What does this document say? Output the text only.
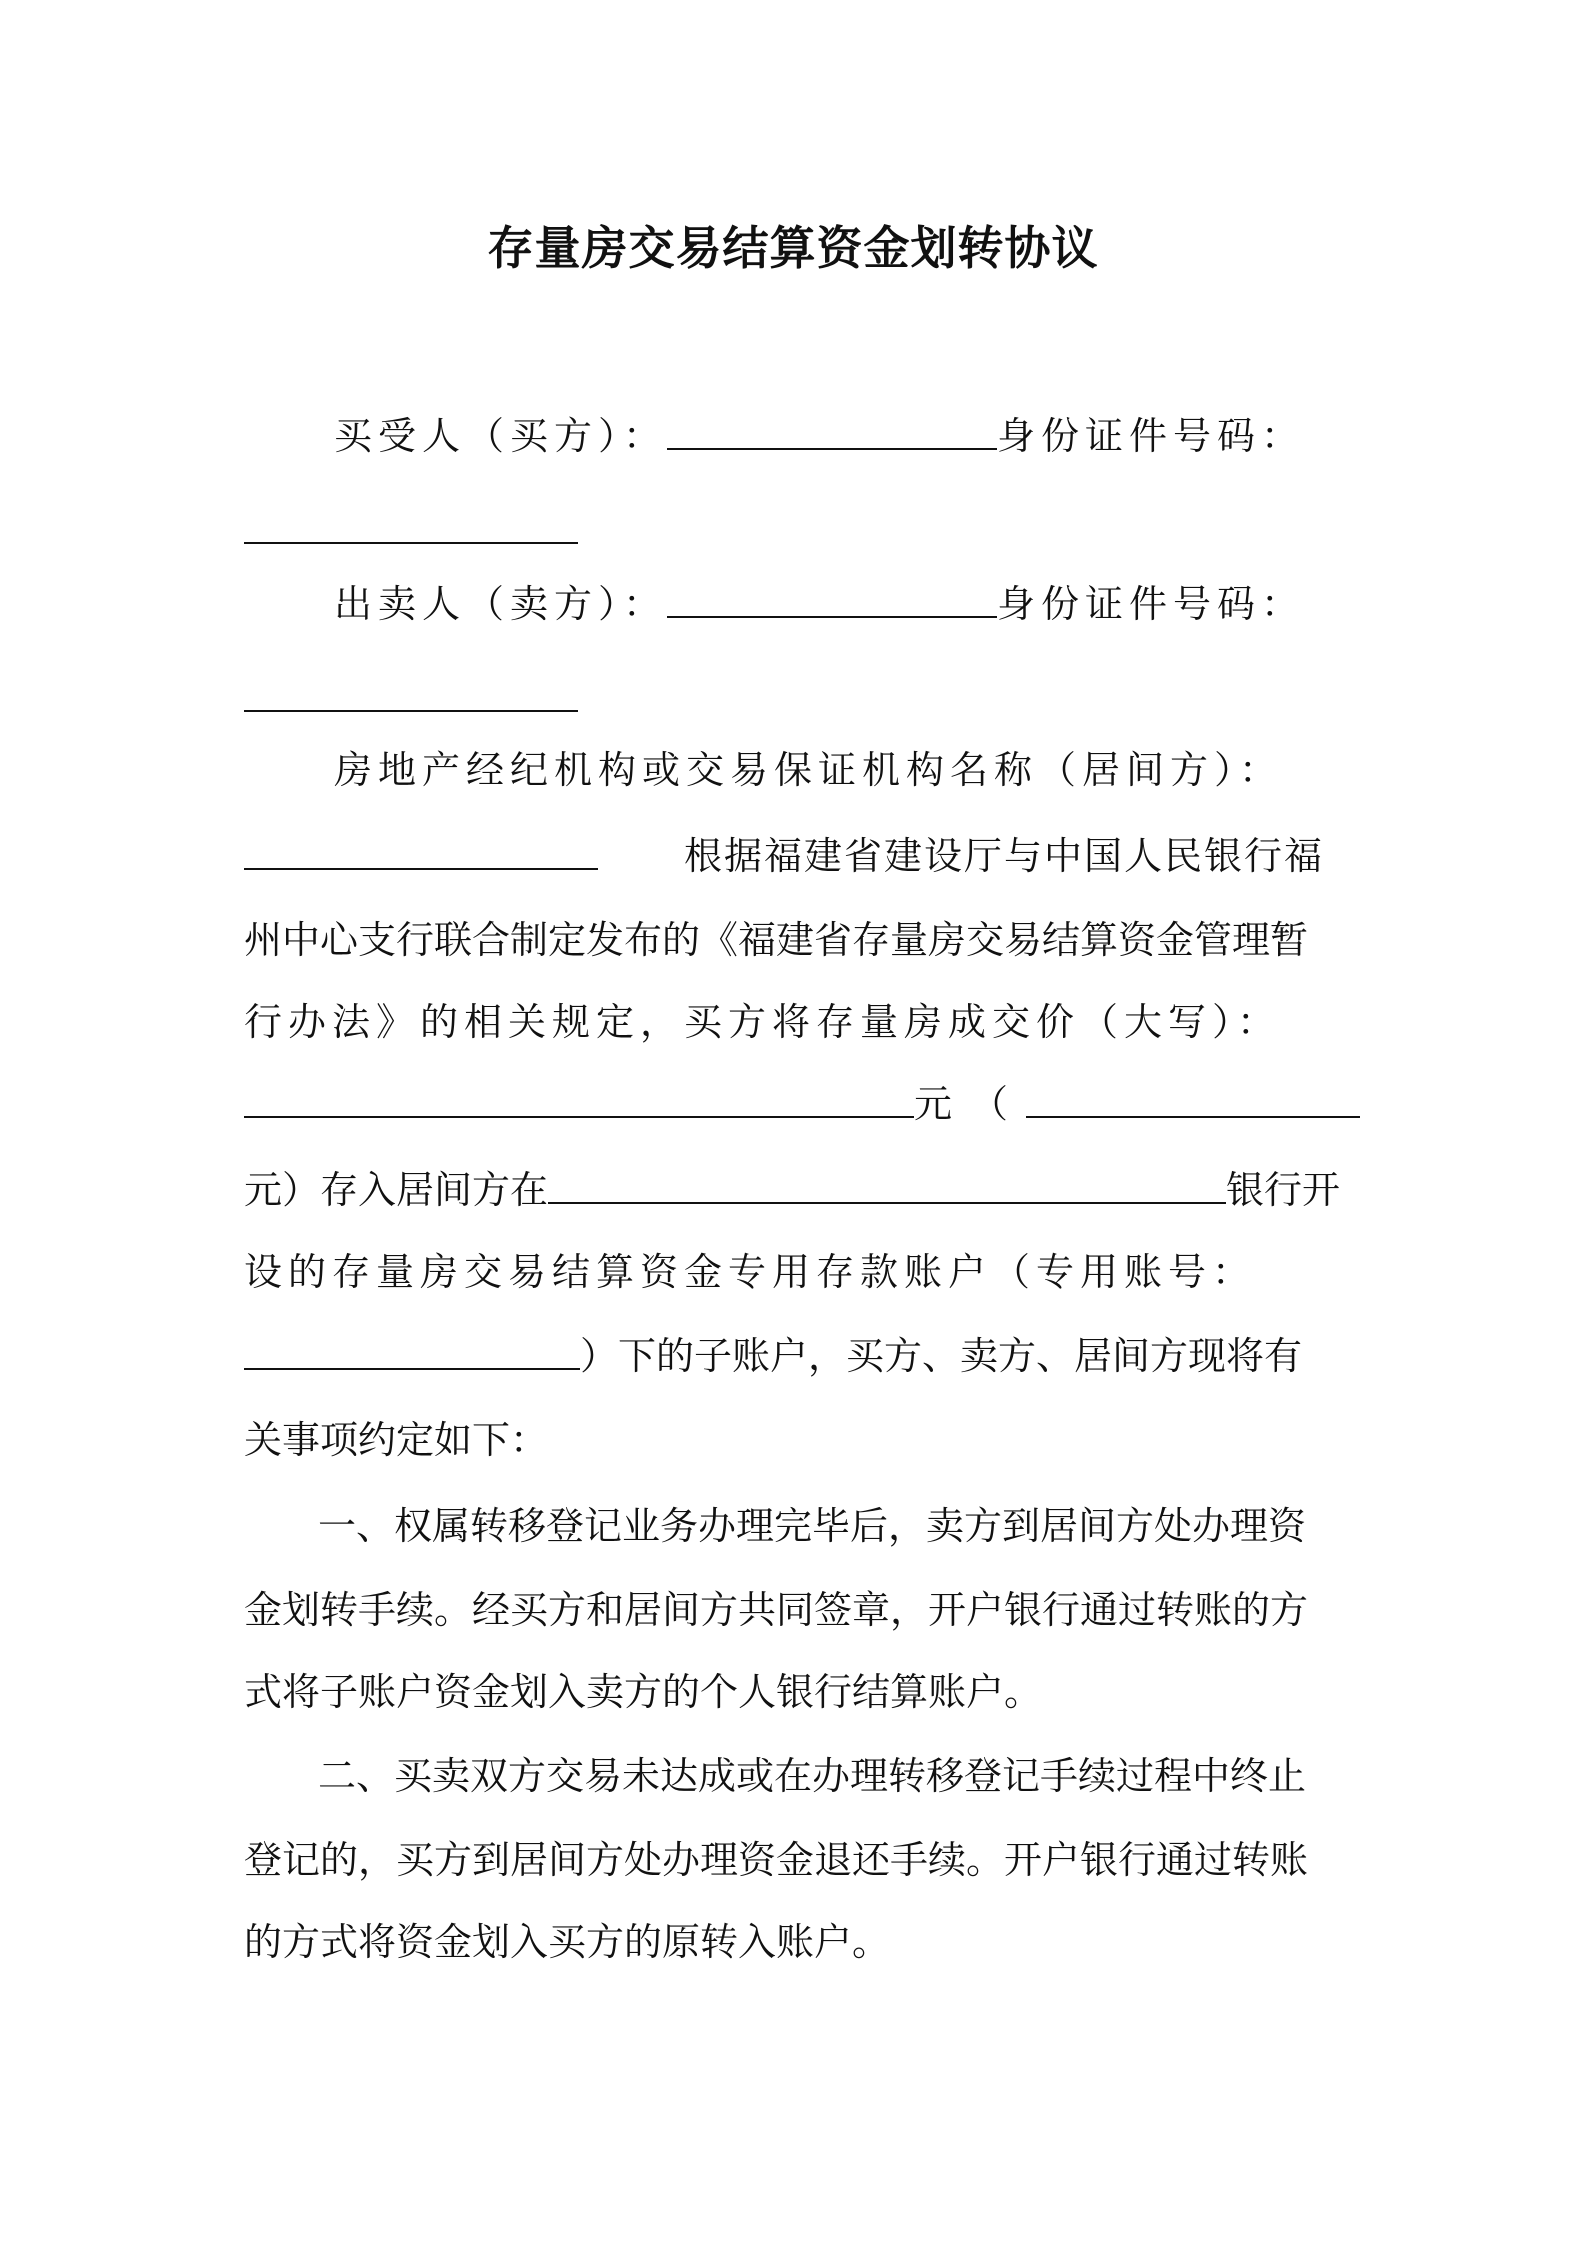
存量房交易结算资金划转协议
买受人（买方）：	身份证件号码：
出卖人（卖方）：	身份证件号码：
房地产经纪机构或交易保证机构名称（居间方）：
根据福建省建设厅与中国人民银行福
州中心支行联合制定发布的《福建省存量房交易结算资金管理暂
行办法》的相关规定，买方将存量房成交价（大写）：
元（
元）存入居间方在	银行开
设的存量房交易结算资金专用存款账户（专用账号：
）下的子账户，买方、卖方、居间方现将有
关事项约定如下：
一、权属转移登记业务办理完毕后，卖方到居间方处办理资
金划转手续。经买方和居间方共同签章，开户银行通过转账的方
式将子账户资金划入卖方的个人银行结算账户。
二、买卖双方交易未达成或在办理转移登记手续过程中终止
登记的，买方到居间方处办理资金退还手续。开户银行通过转账
的方式将资金划入买方的原转入账户。
